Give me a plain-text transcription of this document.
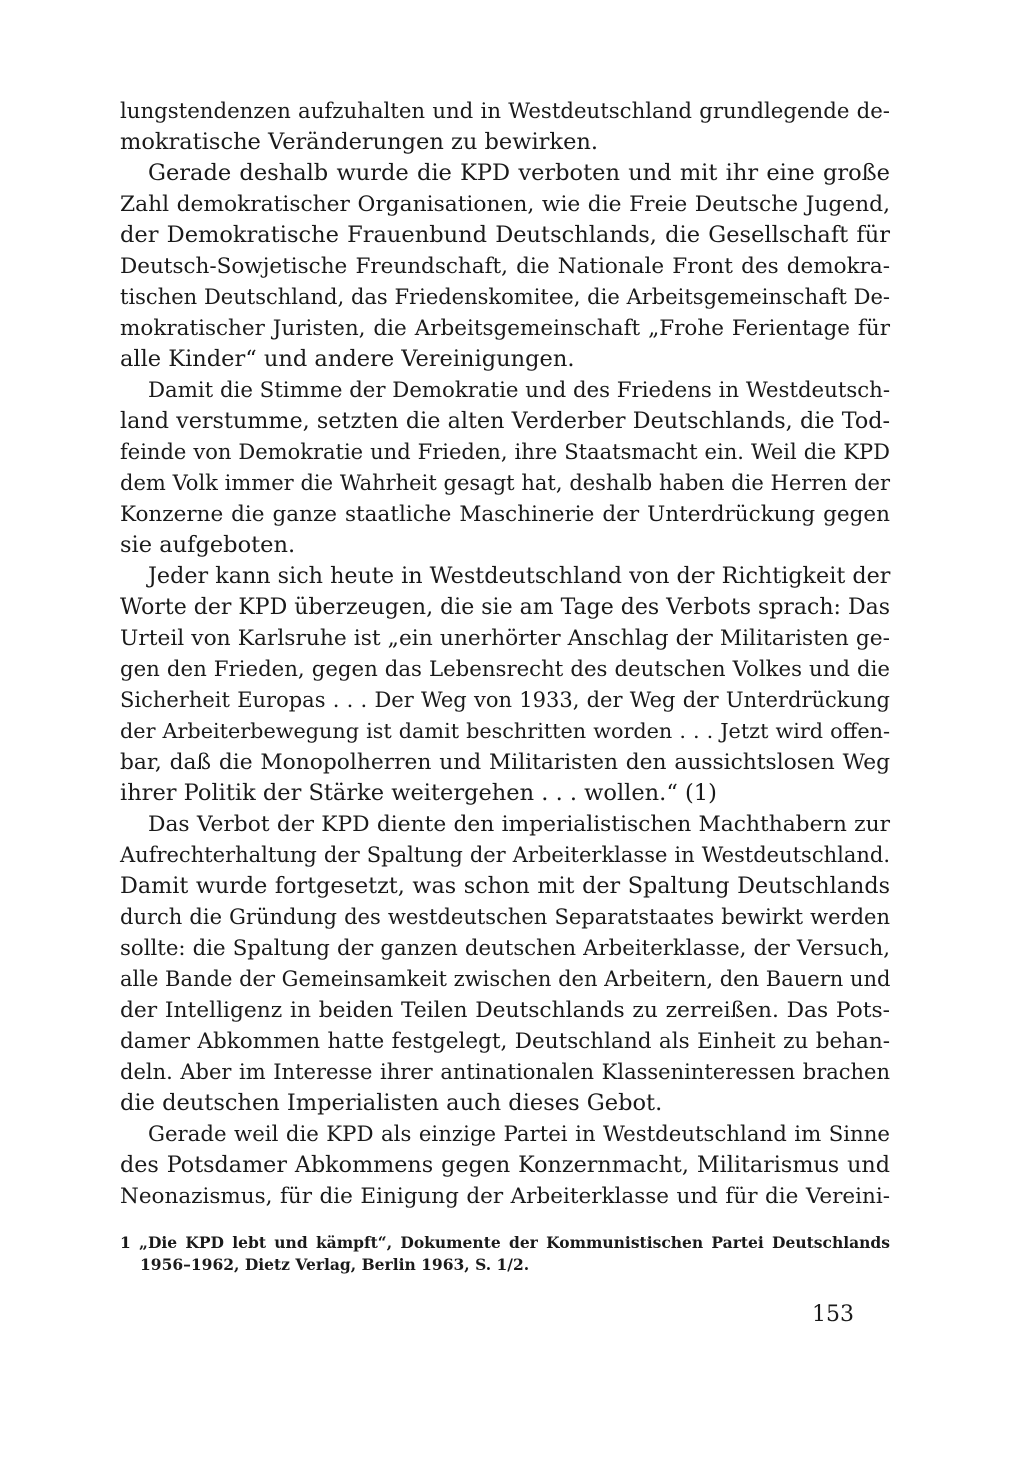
lungstendenzen aufzuhalten und in Westdeutschland grundlegende de-
mokratische Veränderungen zu bewirken.
Gerade deshalb wurde die KPD verboten und mit ihr eine große
Zahl demokratischer Organisationen, wie die Freie Deutsche Jugend,
der Demokratische Frauenbund Deutschlands, die Gesellschaft für
Deutsch-Sowjetische Freundschaft, die Nationale Front des demokra-
tischen Deutschland, das Friedenskomitee, die Arbeitsgemeinschaft De-
mokratischer Juristen, die Arbeitsgemeinschaft „Frohe Ferientage für
alle Kinder“ und andere Vereinigungen.
Damit die Stimme der Demokratie und des Friedens in Westdeutsch-
land verstumme, setzten die alten Verderber Deutschlands, die Tod-
feinde von Demokratie und Frieden, ihre Staatsmacht ein. Weil die KPD
dem Volk immer die Wahrheit gesagt hat, deshalb haben die Herren der
Konzerne die ganze staatliche Maschinerie der Unterdrückung gegen
sie aufgeboten.
Jeder kann sich heute in Westdeutschland von der Richtigkeit der
Worte der KPD überzeugen, die sie am Tage des Verbots sprach: Das
Urteil von Karlsruhe ist „ein unerhörter Anschlag der Militaristen ge-
gen den Frieden, gegen das Lebensrecht des deutschen Volkes und die
Sicherheit Europas . . . Der Weg von 1933, der Weg der Unterdrückung
der Arbeiterbewegung ist damit beschritten worden . . . Jetzt wird offen-
bar, daß die Monopolherren und Militaristen den aussichtslosen Weg
ihrer Politik der Stärke weitergehen . . . wollen.“ (1)
Das Verbot der KPD diente den imperialistischen Machthabern zur
Aufrechterhaltung der Spaltung der Arbeiterklasse in Westdeutschland.
Damit wurde fortgesetzt, was schon mit der Spaltung Deutschlands
durch die Gründung des westdeutschen Separatstaates bewirkt werden
sollte: die Spaltung der ganzen deutschen Arbeiterklasse, der Versuch,
alle Bande der Gemeinsamkeit zwischen den Arbeitern, den Bauern und
der Intelligenz in beiden Teilen Deutschlands zu zerreißen. Das Pots-
damer Abkommen hatte festgelegt, Deutschland als Einheit zu behan-
deln. Aber im Interesse ihrer antinationalen Klasseninteressen brachen
die deutschen Imperialisten auch dieses Gebot.
Gerade weil die KPD als einzige Partei in Westdeutschland im Sinne
des Potsdamer Abkommens gegen Konzernmacht, Militarismus und
Neonazismus, für die Einigung der Arbeiterklasse und für die Vereini-
1 „Die KPD lebt und kämpft“, Dokumente der Kommunistischen Partei Deutschlands
1956–1962, Dietz Verlag, Berlin 1963, S. 1/2.
153
